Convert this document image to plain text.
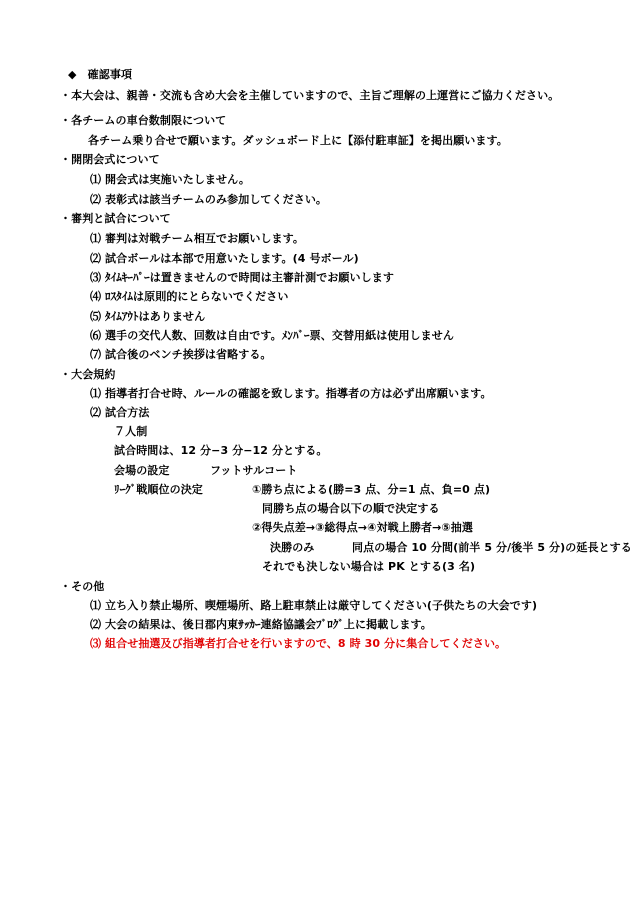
◆　確認事項
・本大会は、親善・交流も含め大会を主催していますので、主旨ご理解の上運営にご協力ください。
・各チームの車台数制限について
各チーム乗り合せで願います。ダッシュボード上に【添付駐車証】を掲出願います。
・開閉会式について
⑴ 開会式は実施いたしません。
⑵ 表彰式は該当チームのみ参加してください。
・審判と試合について
⑴ 審判は対戦チーム相互でお願いします。
⑵ 試合ボールは本部で用意いたします。(4 号ボール)
⑶ ﾀｲﾑｷｰﾊﾟｰは置きませんので時間は主審計測でお願いします
⑷ ﾛｽﾀｲﾑは原則的にとらないでください
⑸ ﾀｲﾑｱｳﾄはありません
⑹ 選手の交代人数、回数は自由です。ﾒﾝﾊﾞｰ票、交替用紙は使用しません
⑺ 試合後のベンチ挨拶は省略する。
・大会規約
⑴ 指導者打合せ時、ルールの確認を致します。指導者の方は必ず出席願います。
⑵ 試合方法
７人制
試合時間は、12 分−3 分−12 分とする。
会場の設定	フットサルコート
ﾘｰｸﾞ戦順位の決定	①勝ち点による(勝=3 点、分=1 点、負=0 点)
同勝ち点の場合以下の順で決定する
②得失点差→③総得点→④対戦上勝者→⑤抽選
決勝のみ	同点の場合 10 分間(前半 5 分/後半 5 分)の延長とする
それでも決しない場合は PK とする(3 名)
・その他
⑴ 立ち入り禁止場所、喫煙場所、路上駐車禁止は厳守してください(子供たちの大会です)
⑵ 大会の結果は、後日郡内東ｻｯｶｰ連絡協議会ﾌﾞﾛｸﾞ上に掲載します。
⑶ 組合せ抽選及び指導者打合せを行いますので、8 時 30 分に集合してください。
